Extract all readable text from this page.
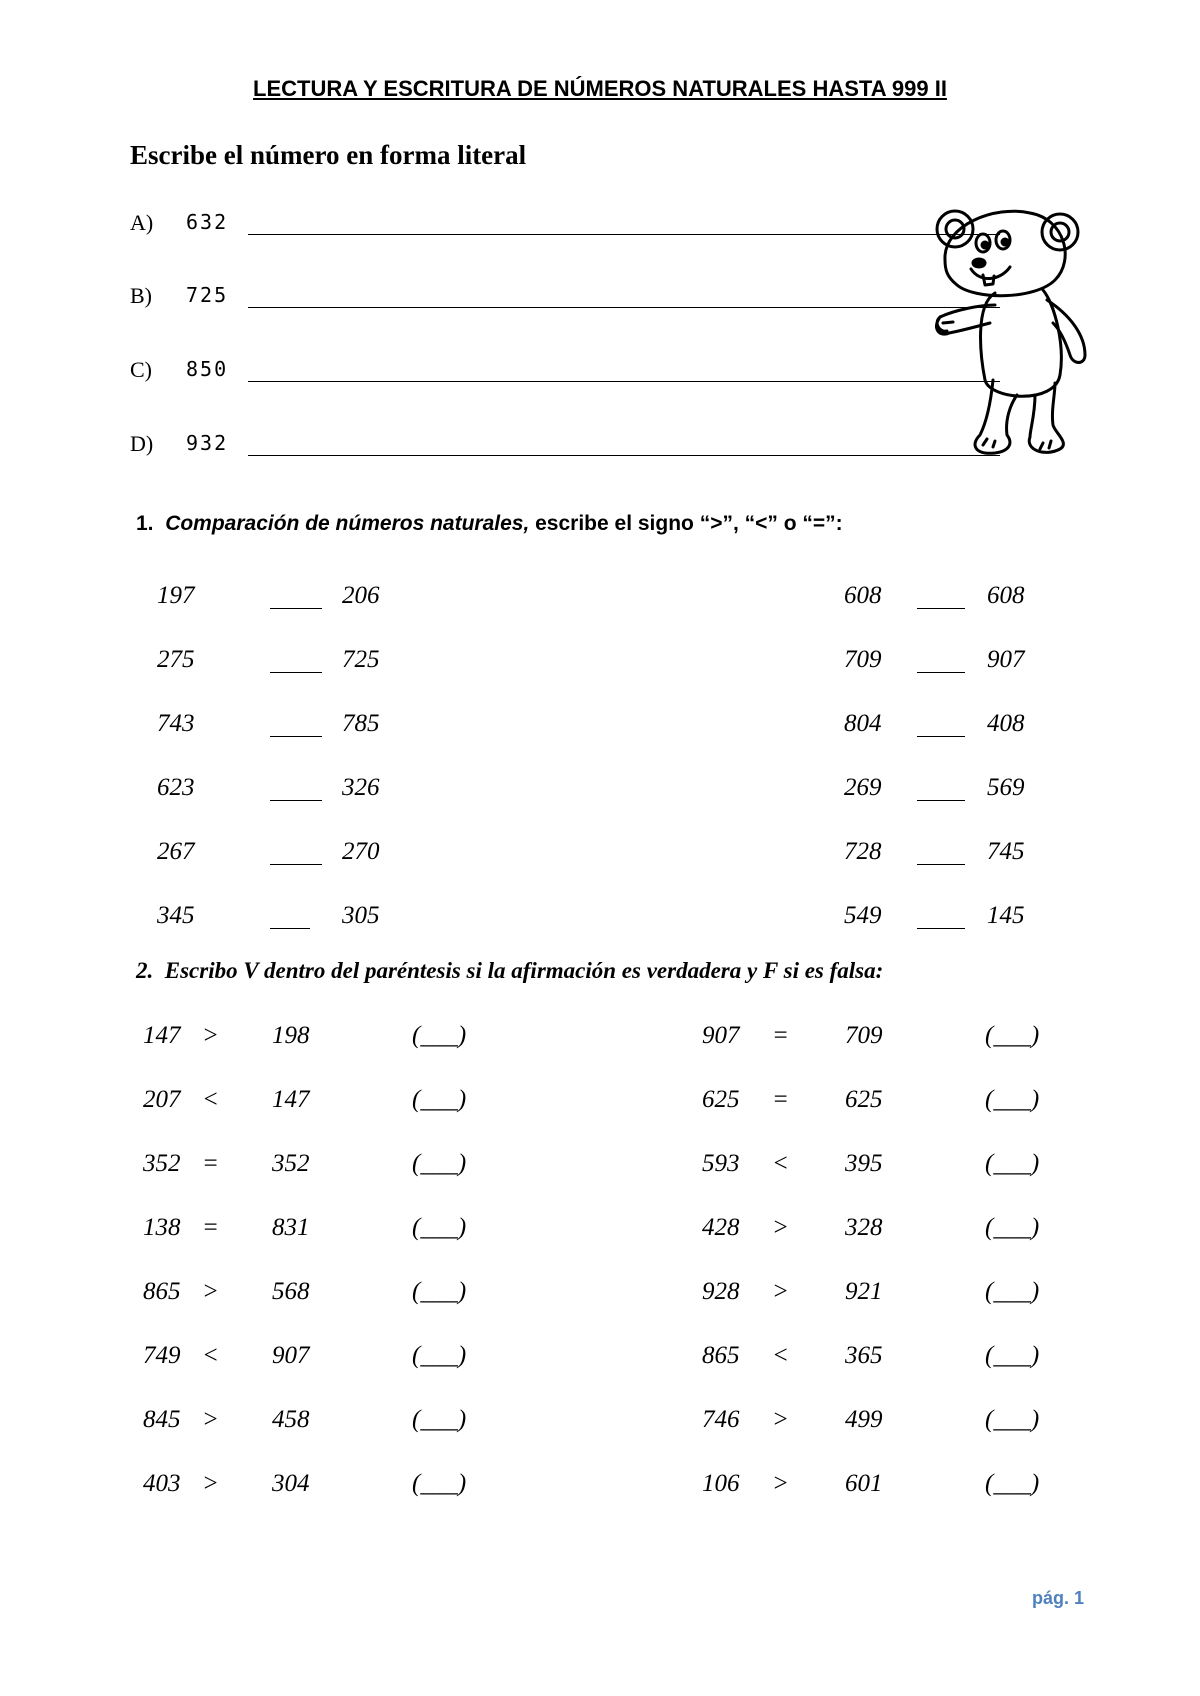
LECTURA Y ESCRITURA DE NÚMEROS NATURALES HASTA 999 II
Escribe el número en forma literal
A) 632
B) 725
C) 850
D) 932
1. Comparación de números naturales, escribe el signo “>”, “<” o “=”:
197	206
275	725
743	785
623	326
267	270
345	305
608	608
709	907
804	408
269	569
728	745
549	145
2. Escribo V dentro del paréntesis si la afirmación es verdadera y F si es falsa:
147 > 198	(___)
207 < 147	(___)
352 = 352	(___)
138 = 831	(___)
865 > 568	(___)
749 < 907	(___)
845 > 458	(___)
403 > 304	(___)
907 = 709	(___)
625 = 625	(___)
593 < 395	(___)
428 > 328	(___)
928 > 921	(___)
865 < 365	(___)
746 > 499	(___)
106 > 601	(___)
pág. 1
